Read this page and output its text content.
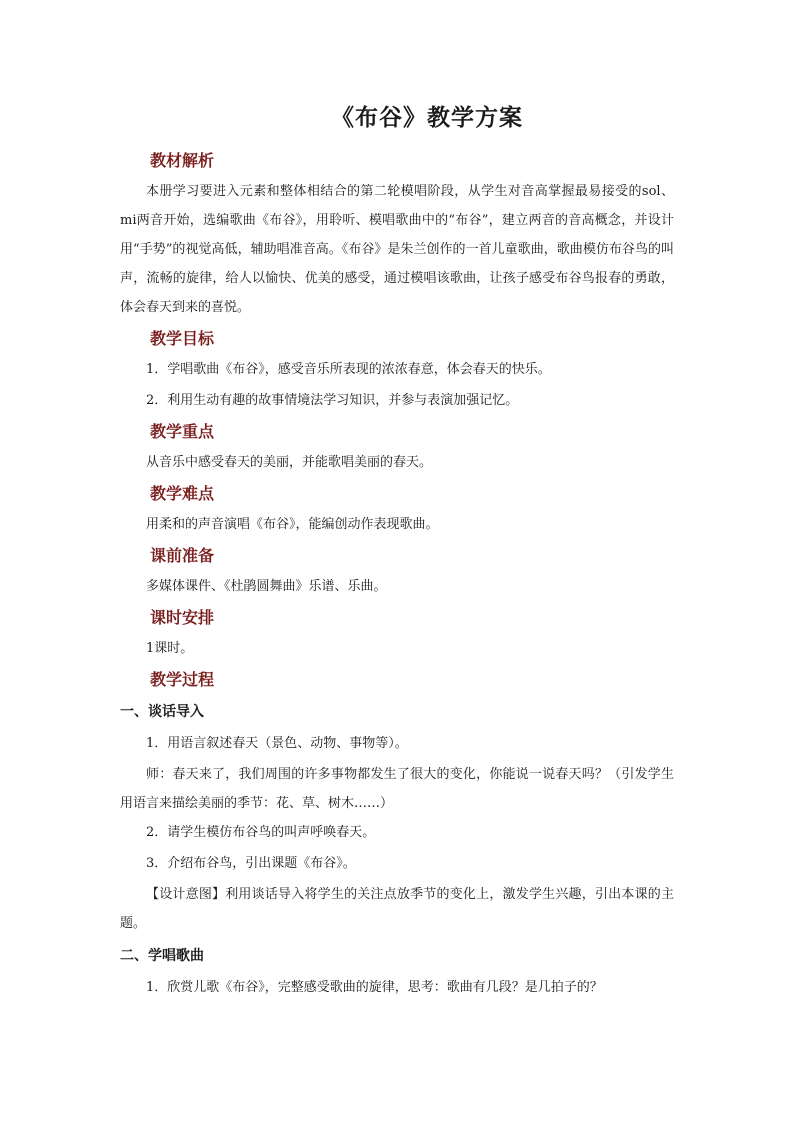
《布谷》教学方案
教材解析

本册学习要进入元素和整体相结合的第二轮模唱阶段，从学生对音高掌握最易接受的sol、mi两音开始，选编歌曲《布谷》，用聆听、模唱歌曲中的“布谷”，建立两音的音高概念，并设计用“手势”的视觉高低，辅助唱准音高。《布谷》是朱兰创作的一首儿童歌曲，歌曲模仿布谷鸟的叫声，流畅的旋律，给人以愉快、优美的感受，通过模唱该歌曲，让孩子感受布谷鸟报春的勇敢，体会春天到来的喜悦。

教学目标

1．学唱歌曲《布谷》，感受音乐所表现的浓浓春意，体会春天的快乐。

2．利用生动有趣的故事情境法学习知识，并参与表演加强记忆。

教学重点

从音乐中感受春天的美丽，并能歌唱美丽的春天。

教学难点

用柔和的声音演唱《布谷》，能编创动作表现歌曲。

课前准备

多媒体课件、《杜鹃圆舞曲》乐谱、乐曲。

课时安排

1课时。

教学过程
一、谈话导入

1．用语言叙述春天（景色、动物、事物等）。

师：春天来了，我们周围的许多事物都发生了很大的变化，你能说一说春天吗？（引发学生用语言来描绘美丽的季节：花、草、树木……）

2．请学生模仿布谷鸟的叫声呼唤春天。

3．介绍布谷鸟，引出课题《布谷》。

【设计意图】利用谈话导入将学生的关注点放季节的变化上，激发学生兴趣，引出本课的主题。

二、学唱歌曲

1．欣赏儿歌《布谷》，完整感受歌曲的旋律，思考：歌曲有几段？是几拍子的？
